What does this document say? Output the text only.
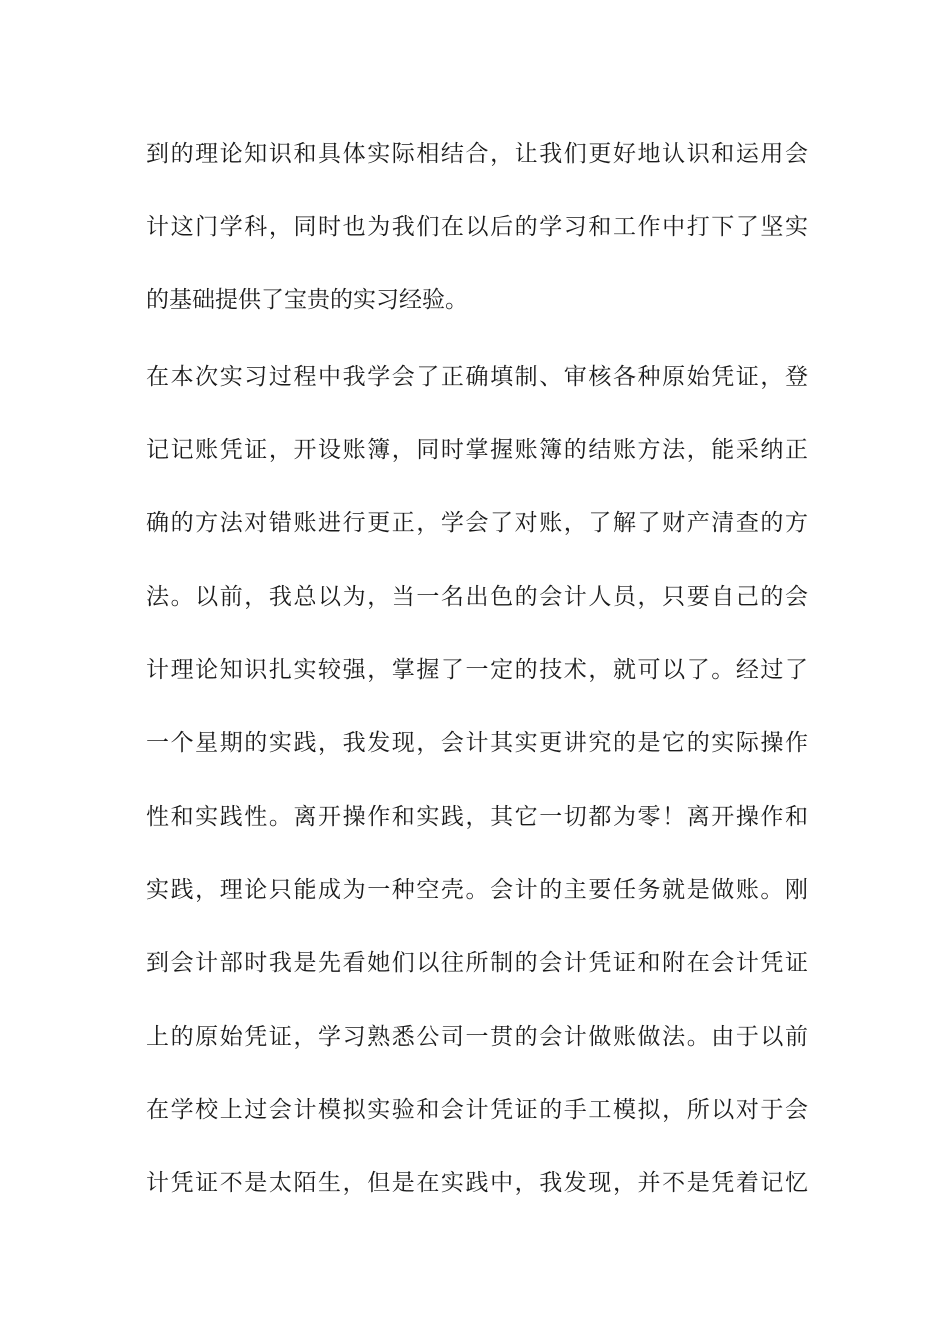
到的理论知识和具体实际相结合，让我们更好地认识和运用会
计这门学科，同时也为我们在以后的学习和工作中打下了坚实
的基础提供了宝贵的实习经验。
在本次实习过程中我学会了正确填制、审核各种原始凭证，登
记记账凭证，开设账簿，同时掌握账簿的结账方法，能采纳正
确的方法对错账进行更正，学会了对账，了解了财产清查的方
法。以前，我总以为，当一名出色的会计人员，只要自己的会
计理论知识扎实较强，掌握了一定的技术，就可以了。经过了
一个星期的实践，我发现，会计其实更讲究的是它的实际操作
性和实践性。离开操作和实践，其它一切都为零！离开操作和
实践，理论只能成为一种空壳。会计的主要任务就是做账。刚
到会计部时我是先看她们以往所制的会计凭证和附在会计凭证
上的原始凭证，学习熟悉公司一贯的会计做账做法。由于以前
在学校上过会计模拟实验和会计凭证的手工模拟，所以对于会
计凭证不是太陌生，但是在实践中，我发现，并不是凭着记忆
